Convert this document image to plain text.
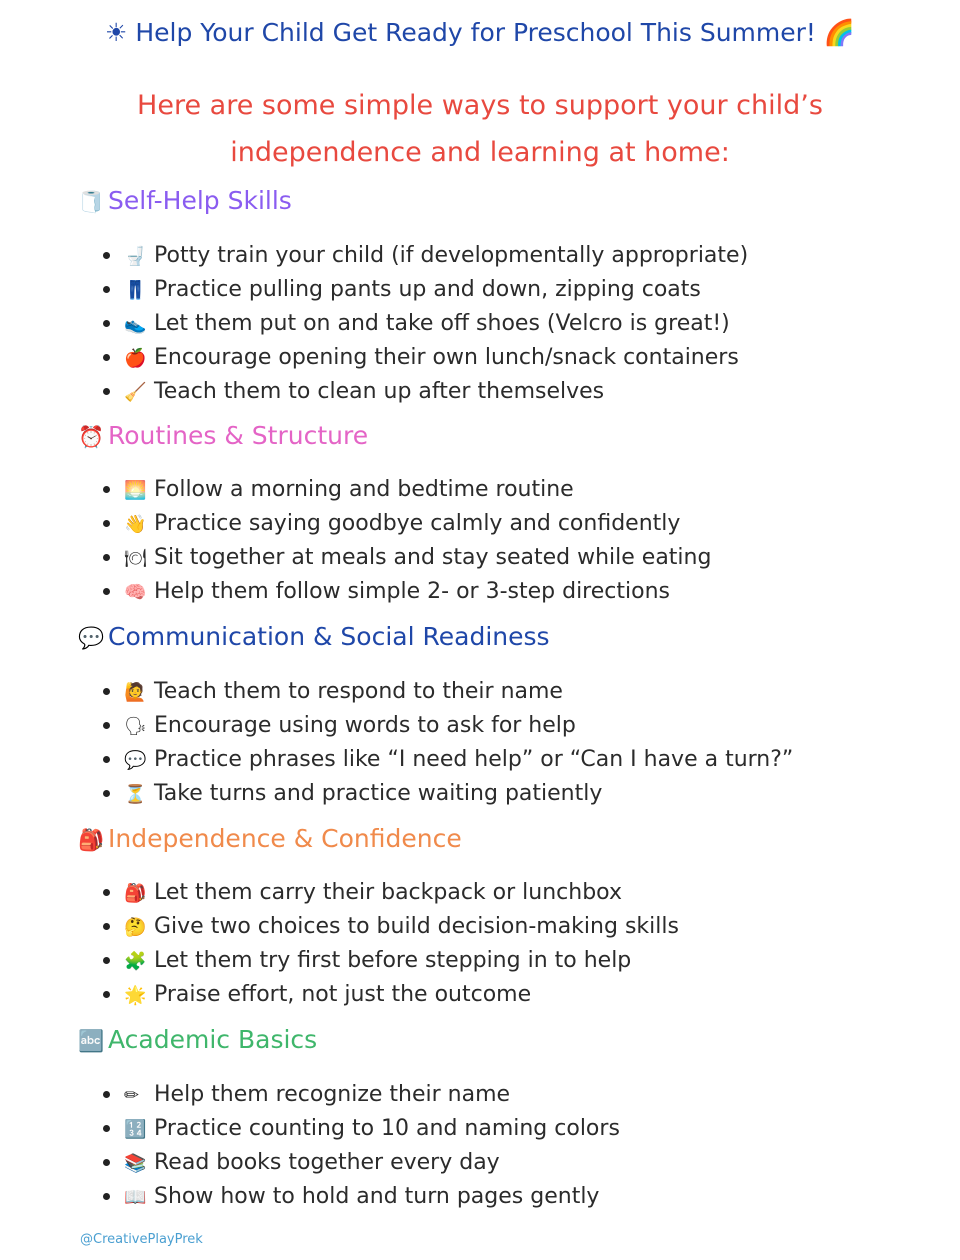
☀ Help Your Child Get Ready for Preschool This Summer! 🌈
Here are some simple ways to support your child’s independence and learning at home:
🧻 Self-Help Skills
🚽 Potty train your child (if developmentally appropriate)
👖 Practice pulling pants up and down, zipping coats
👟 Let them put on and take off shoes (Velcro is great!)
🍎 Encourage opening their own lunch/snack containers
🧹 Teach them to clean up after themselves
⏰ Routines & Structure
🌅 Follow a morning and bedtime routine
👋 Practice saying goodbye calmly and confidently
🍽 Sit together at meals and stay seated while eating
🧠 Help them follow simple 2- or 3-step directions
💬 Communication & Social Readiness
🙋 Teach them to respond to their name
🗣 Encourage using words to ask for help
💬 Practice phrases like “I need help” or “Can I have a turn?”
⏳ Take turns and practice waiting patiently
🎒 Independence & Confidence
🎒 Let them carry their backpack or lunchbox
🤔 Give two choices to build decision-making skills
🧩 Let them try first before stepping in to help
🌟 Praise effort, not just the outcome
🔤 Academic Basics
✏ Help them recognize their name
🔢 Practice counting to 10 and naming colors
📚 Read books together every day
📖 Show how to hold and turn pages gently
@CreativePlayPrek
